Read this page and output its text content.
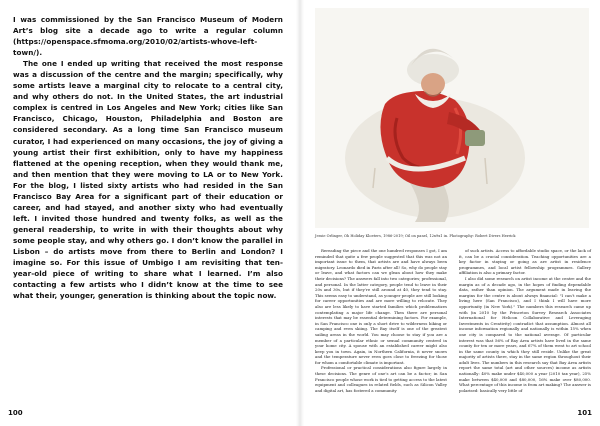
I was commissioned by the San Francisco Museum of Modern Art’s blog site a decade ago to write a regular column (https://openspace.sfmoma.org/2010/02/artists-whove-left-town/).

The one I ended up writing that received the most response was a discussion of the centre and the margin; specifically, why some artists leave a marginal city to relocate to a central city, and why others do not. In the United States, the art industrial complex is centred in Los Angeles and New York; cities like San Francisco, Chicago, Houston, Philadelphia and Boston are considered secondary. As a long time San Francisco museum curator, I had experienced on many occasions, the joy of giving a young artist their first exhibition, only to have my happiness flattened at the opening reception, when they would thank me, and then mention that they were moving to LA or to New York. For the blog, I listed sixty artists who had resided in the San Francisco Bay Area for a significant part of their education or career, and had stayed, and another sixty who had eventually left. I invited those hundred and twenty folks, as well as the general readership, to write in with their thoughts about why some people stay, and why others go. I don’t know the parallel in Lisbon – do artists move from there to Berlin and London? I imagine so. For this issue of Umbigo I am revisiting that ten-year-old piece of writing to share what I learned. I’m also contacting a few artists who I didn’t know at the time to see what their, younger, generation is thinking about the topic now.

100

Jessie Orlinger, Oh Holiday Kloeters, 1986-2019; Oil on panel, 12x9x1 in. Photography: Robert Divers Herrick

Rereading the piece and the one hundred responses I got, I am reminded that quite a few people suggested that this was not an important issue to them, that artists are and have always been migratory. Leonardo died in Paris after all! So, why do people stay or leave, and what factors can we glean about how they make their decisions? The answers fall into two categories; professional, and personal. In the latter category, people tend to leave in their 20s and 30s, but if they’re still around at 40, they tend to stay. This seems easy to understand, as younger people are still looking for career opportunities and are more willing to relocate. They also are less likely to have started families which problematizes contemplating a major life change. Then there are personal interests that may be essential determining factors. For example, in San Francisco one is only a short drive to wilderness hiking or camping and even skiing. The Bay itself is one of the greatest sailing areas in the world. You may choose to stay if you are a member of a particular ethnic or sexual community centred in your home city. A spouse with an established career might also keep you in town. Again, in Northern California, it never snows and the temperature never even goes close to freezing for those for whom a comfortable climate is important.

Professional or practical considerations also figure largely in these decisions. The genre of one’s art can be a factor; in San Francisco people whose work is tied to getting access to the latest equipment and colleagues in related fields, such as Silicon Valley and digital art, has fostered a community

of such artists. Access to affordable studio space, or the lack of it, can be a crucial consideration. Teaching opportunities are a key factor in staying or going as are artist in residence programmes, and local artist fellowship programmes. Gallery affiliation is also a primary factor.

I also did some research on artist income at the centre and the margin as of a decade ago, in the hopes of finding dependable data, rather than opinion. The argument made in leaving the margins for the centre is about always financial: "I can’t make a living here (San Francisco), and I think I will have more opportunity (in New York)." The numbers this research came up with (in 2010 by the Princeton Survey Research Associates International for Helicon Collaborative and Leveraging Investments in Creativity) contradict that assumption. Almost all income information regionally and nationally is within 15% when one city is compared to the national average. Of particular interest was that 56% of Bay Area artists have lived in the same county for ten or more years, and 67% of them went to art school in the same county in which they still reside. Unlike the great majority of artists there, stay in the same region throughout their adult lives. The numbers in this research say that Bay Area artists report the same total (art and other sources) income as artists nationally: 40% make under $40,000 a year (2010 tax year), 25% make between $40,000 and $80,000, 16% make over $80,000. What percentage of this income is from art making? The answer is polarised: basically very little of

101
